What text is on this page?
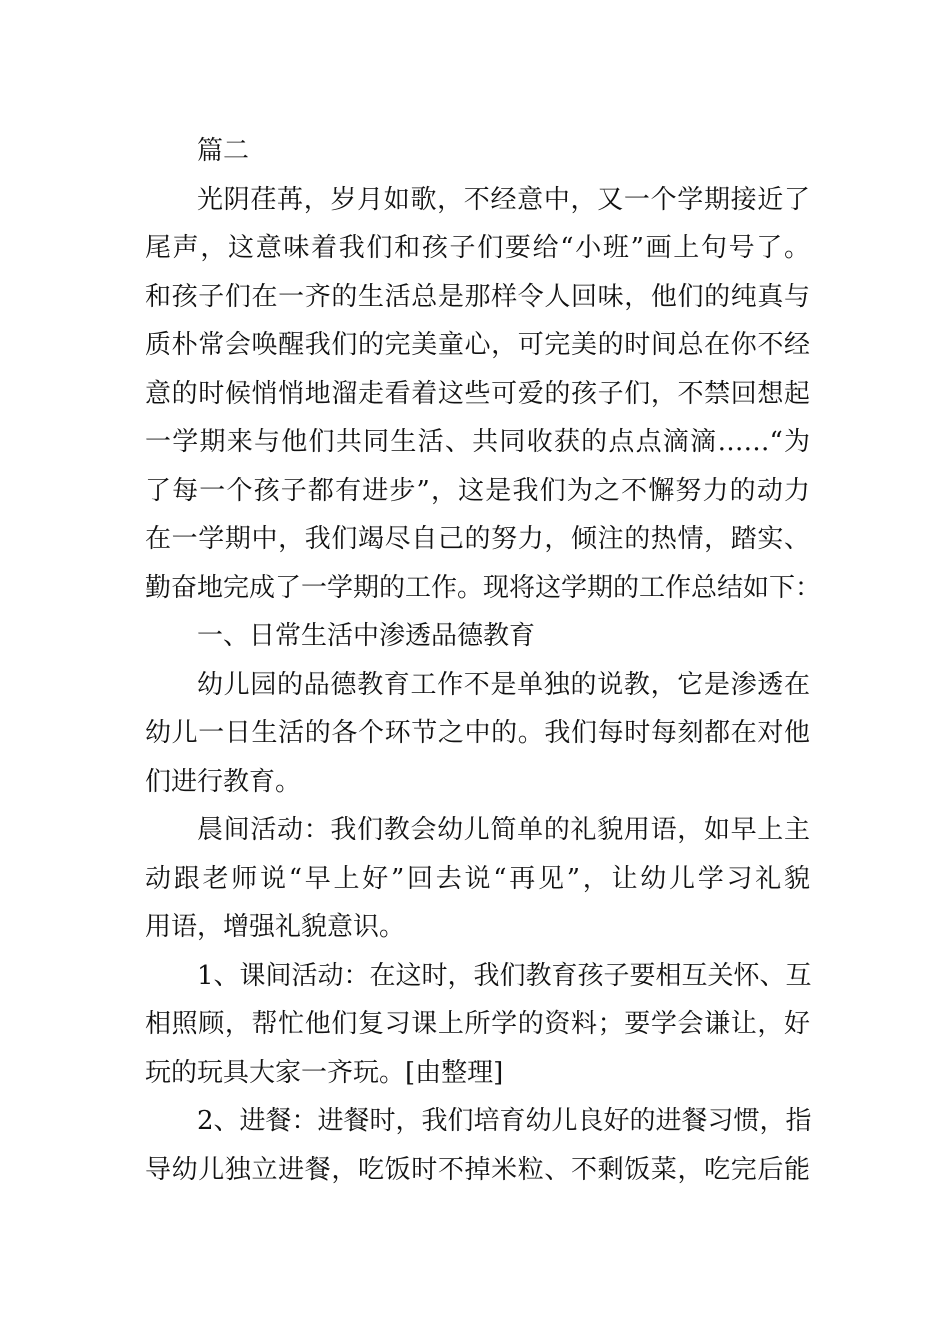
篇二
光阴荏苒，岁月如歌，不经意中，又一个学期接近了
尾声，这意味着我们和孩子们要给“小班”画上句号了。
和孩子们在一齐的生活总是那样令人回味，他们的纯真与
质朴常会唤醒我们的完美童心，可完美的时间总在你不经
意的时候悄悄地溜走看着这些可爱的孩子们，不禁回想起
一学期来与他们共同生活、共同收获的点点滴滴……“为
了每一个孩子都有进步”，这是我们为之不懈努力的动力
在一学期中，我们竭尽自己的努力，倾注的热情，踏实、
勤奋地完成了一学期的工作。现将这学期的工作总结如下：
一、日常生活中渗透品德教育
幼儿园的品德教育工作不是单独的说教，它是渗透在
幼儿一日生活的各个环节之中的。我们每时每刻都在对他
们进行教育。
晨间活动：我们教会幼儿简单的礼貌用语，如早上主
动跟老师说“早上好”回去说“再见”，让幼儿学习礼貌
用语，增强礼貌意识。
1、课间活动：在这时，我们教育孩子要相互关怀、互
相照顾，帮忙他们复习课上所学的资料；要学会谦让，好
玩的玩具大家一齐玩。[由整理]
2、进餐：进餐时，我们培育幼儿良好的进餐习惯，指
导幼儿独立进餐，吃饭时不掉米粒、不剩饭菜，吃完后能
